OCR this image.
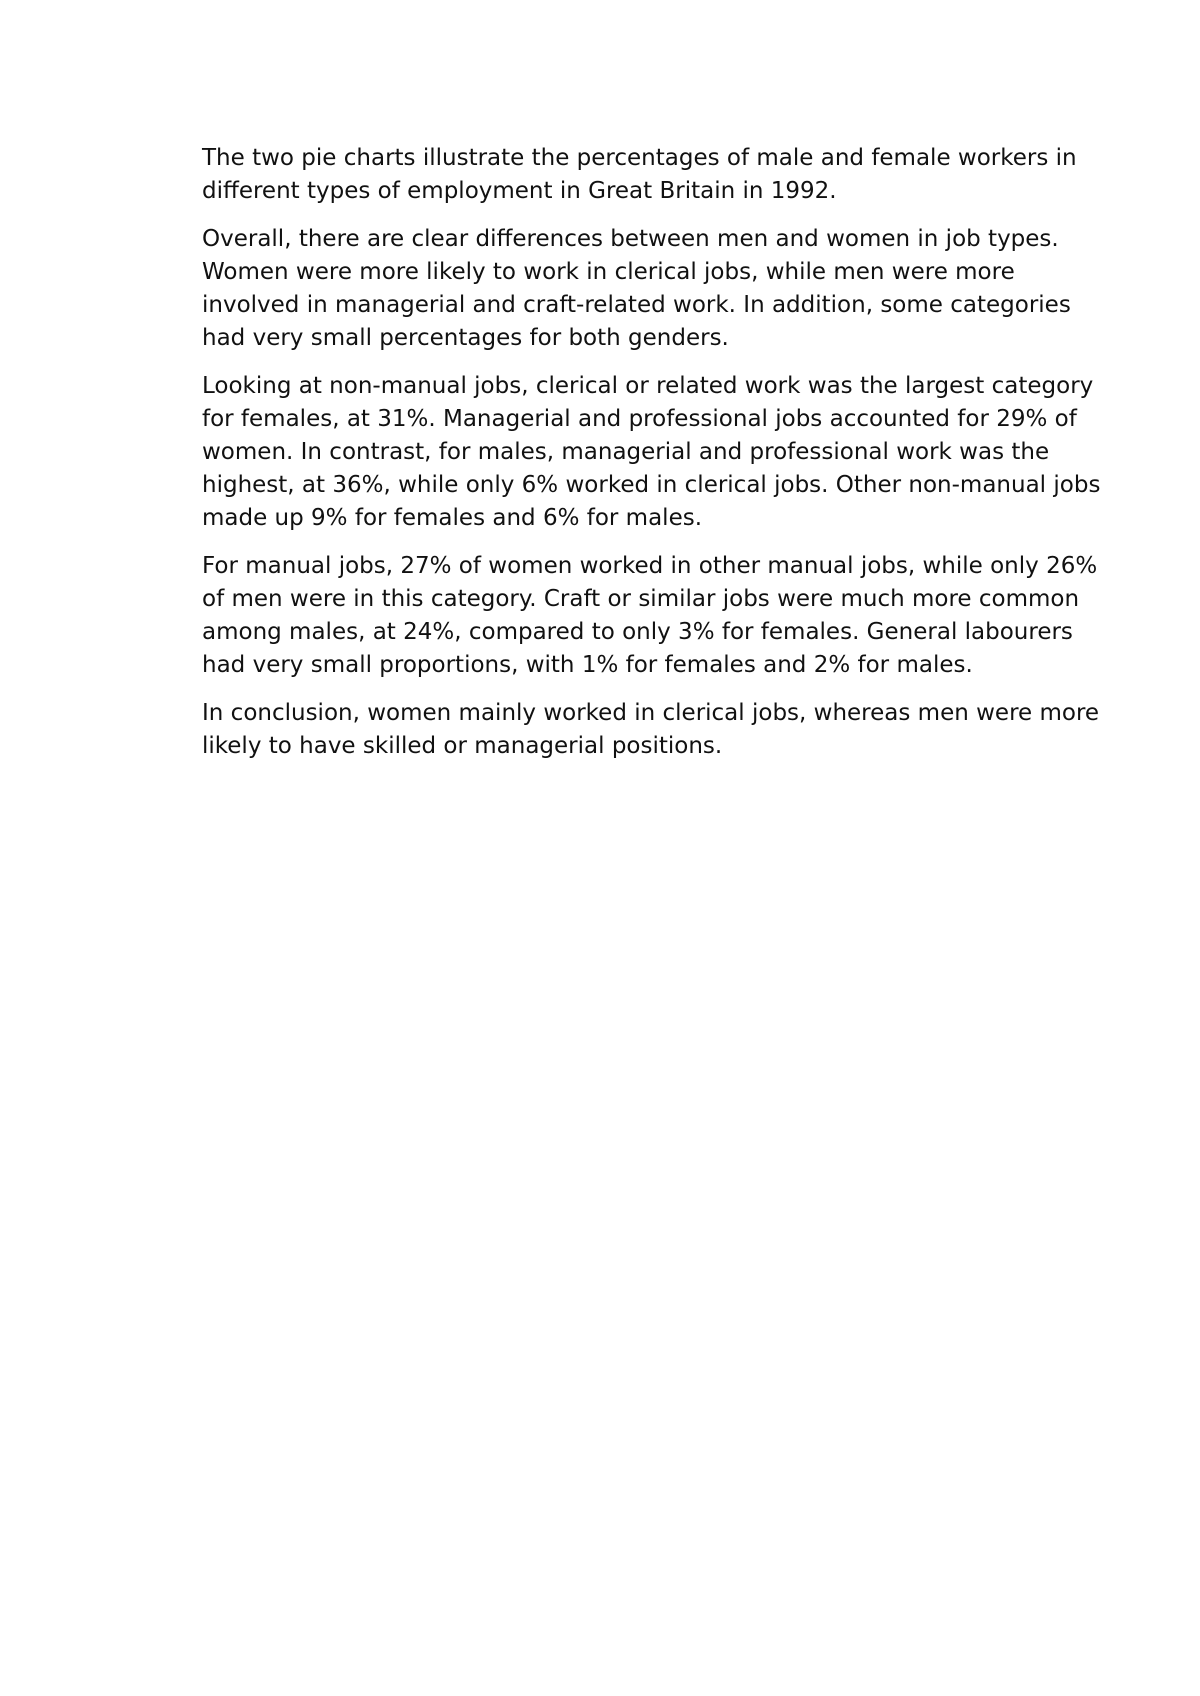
The two pie charts illustrate the percentages of male and female workers in different types of employment in Great Britain in 1992.

Overall, there are clear differences between men and women in job types. Women were more likely to work in clerical jobs, while men were more involved in managerial and craft-related work. In addition, some categories had very small percentages for both genders.

Looking at non-manual jobs, clerical or related work was the largest category for females, at 31%. Managerial and professional jobs accounted for 29% of women. In contrast, for males, managerial and professional work was the highest, at 36%, while only 6% worked in clerical jobs. Other non-manual jobs made up 9% for females and 6% for males.

For manual jobs, 27% of women worked in other manual jobs, while only 26% of men were in this category. Craft or similar jobs were much more common among males, at 24%, compared to only 3% for females. General labourers had very small proportions, with 1% for females and 2% for males.

In conclusion, women mainly worked in clerical jobs, whereas men were more likely to have skilled or managerial positions.
